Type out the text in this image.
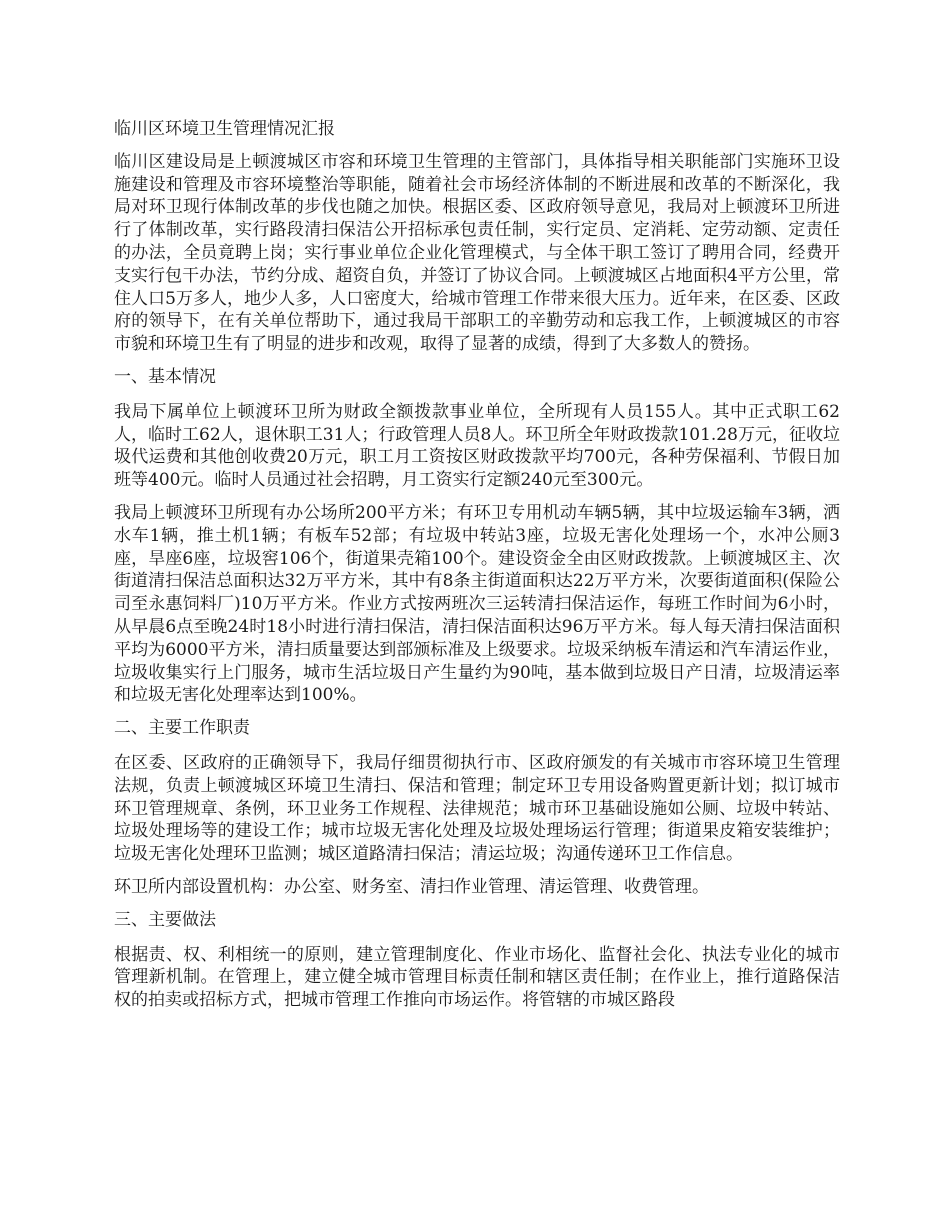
临川区环境卫生管理情况汇报

临川区建设局是上顿渡城区市容和环境卫生管理的主管部门，具体指导相关职能部门实施环卫设施建设和管理及市容环境整治等职能，随着社会市场经济体制的不断进展和改革的不断深化，我局对环卫现行体制改革的步伐也随之加快。根据区委、区政府领导意见，我局对上顿渡环卫所进行了体制改革，实行路段清扫保洁公开招标承包责任制，实行定员、定消耗、定劳动额、定责任的办法，全员竟聘上岗；实行事业单位企业化管理模式，与全体干职工签订了聘用合同，经费开支实行包干办法，节约分成、超资自负，并签订了协议合同。上顿渡城区占地面积4平方公里，常住人口5万多人，地少人多，人口密度大，给城市管理工作带来很大压力。近年来，在区委、区政府的领导下，在有关单位帮助下，通过我局干部职工的辛勤劳动和忘我工作，上顿渡城区的市容市貌和环境卫生有了明显的进步和改观，取得了显著的成绩，得到了大多数人的赞扬。

一、基本情况

我局下属单位上顿渡环卫所为财政全额拨款事业单位，全所现有人员155人。其中正式职工62人，临时工62人，退休职工31人；行政管理人员8人。环卫所全年财政拨款101.28万元，征收垃圾代运费和其他创收费20万元，职工月工资按区财政拨款平均700元，各种劳保福利、节假日加班等400元。临时人员通过社会招聘，月工资实行定额240元至300元。

我局上顿渡环卫所现有办公场所200平方米；有环卫专用机动车辆5辆，其中垃圾运输车3辆，洒水车1辆，推土机1辆；有板车52部；有垃圾中转站3座，垃圾无害化处理场一个，水冲公厕3座，旱座6座，垃圾窖106个，街道果壳箱100个。建设资金全由区财政拨款。上顿渡城区主、次街道清扫保洁总面积达32万平方米，其中有8条主街道面积达22万平方米，次要街道面积(保险公司至永惠饲料厂)10万平方米。作业方式按两班次三运转清扫保洁运作，每班工作时间为6小时，从早晨6点至晚24时18小时进行清扫保洁，清扫保洁面积达96万平方米。每人每天清扫保洁面积平均为6000平方米，清扫质量要达到部颁标准及上级要求。垃圾采纳板车清运和汽车清运作业，垃圾收集实行上门服务，城市生活垃圾日产生量约为90吨，基本做到垃圾日产日清，垃圾清运率和垃圾无害化处理率达到100%。

二、主要工作职责

在区委、区政府的正确领导下，我局仔细贯彻执行市、区政府颁发的有关城市市容环境卫生管理法规，负责上顿渡城区环境卫生清扫、保洁和管理；制定环卫专用设备购置更新计划；拟订城市环卫管理规章、条例，环卫业务工作规程、法律规范；城市环卫基础设施如公厕、垃圾中转站、垃圾处理场等的建设工作；城市垃圾无害化处理及垃圾处理场运行管理；街道果皮箱安装维护；垃圾无害化处理环卫监测；城区道路清扫保洁；清运垃圾；沟通传递环卫工作信息。

环卫所内部设置机构：办公室、财务室、清扫作业管理、清运管理、收费管理。

三、主要做法

根据责、权、利相统一的原则，建立管理制度化、作业市场化、监督社会化、执法专业化的城市管理新机制。在管理上，建立健全城市管理目标责任制和辖区责任制；在作业上，推行道路保洁权的拍卖或招标方式，把城市管理工作推向市场运作。将管辖的市城区路段
